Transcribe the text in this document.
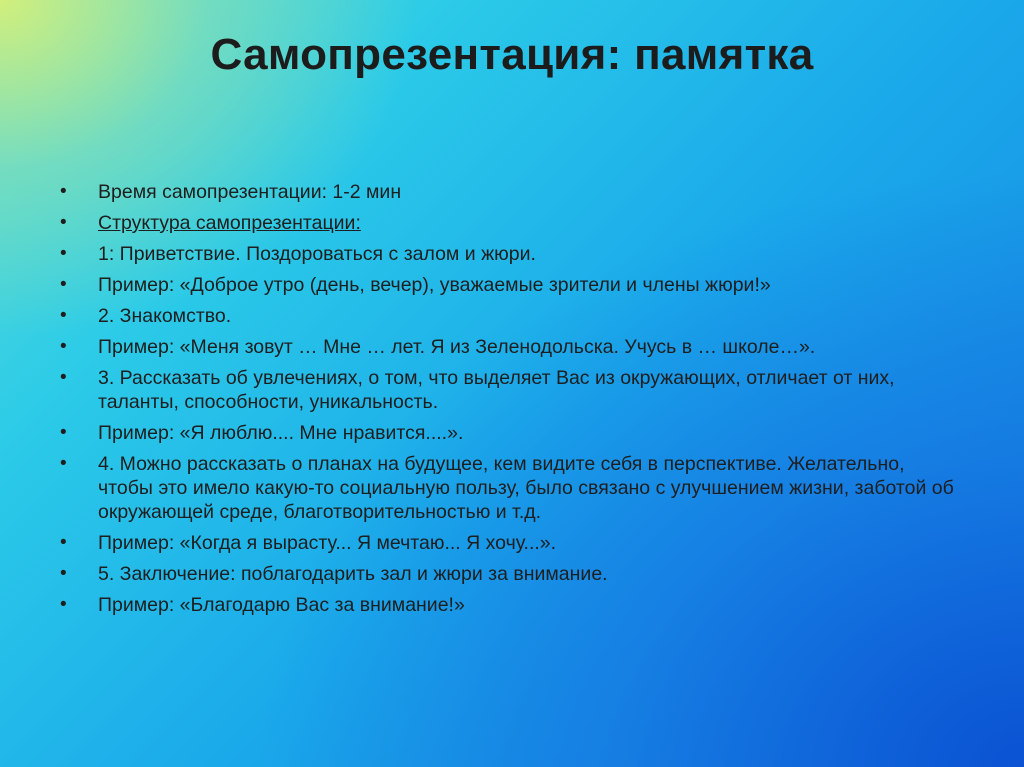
Самопрезентация: памятка
•	Время самопрезентации: 1-2 мин
•	Структура самопрезентации:
•	1: Приветствие. Поздороваться с залом и жюри.
•	Пример: «Доброе утро (день, вечер), уважаемые зрители и члены жюри!»
•	2. Знакомство.
•	Пример: «Меня зовут … Мне … лет. Я из Зеленодольска. Учусь в … школе…».
•	3. Рассказать об увлечениях, о том, что выделяет Вас из окружающих, отличает от них, таланты, способности, уникальность.
•	Пример: «Я люблю.... Мне нравится....».
•	4. Можно рассказать о планах на будущее, кем видите себя в перспективе. Желательно, чтобы это имело какую-то социальную пользу, было связано с улучшением жизни, заботой об окружающей среде, благотворительностью и т.д.
•	Пример: «Когда я вырасту... Я мечтаю... Я хочу...».
•	5. Заключение: поблагодарить зал и жюри за внимание.
•	Пример: «Благодарю Вас за внимание!»
